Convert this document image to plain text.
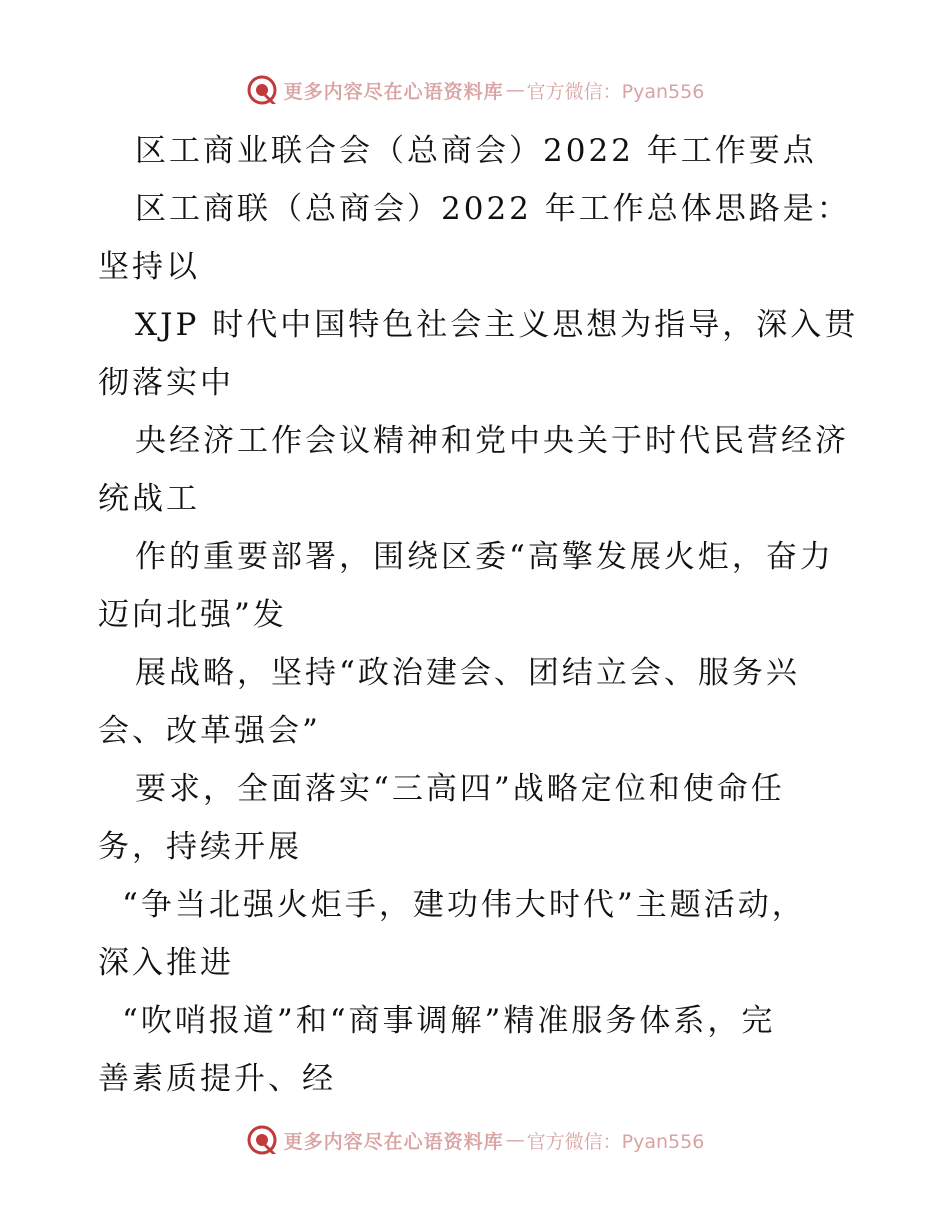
更多内容尽在心语资料库 — 官方微信：Pyan556
区工商业联合会（总商会）2022 年工作要点
区工商联（总商会）2022 年工作总体思路是：
坚持以
XJP 时代中国特色社会主义思想为指导，深入贯
彻落实中
央经济工作会议精神和党中央关于时代民营经济
统战工
作的重要部署，围绕区委“高擎发展火炬，奋力
迈向北强”发
展战略，坚持“政治建会、团结立会、服务兴
会、改革强会”
要求，全面落实“三高四”战略定位和使命任
务，持续开展
“争当北强火炬手，建功伟大时代”主题活动，
深入推进
“吹哨报道”和“商事调解”精准服务体系，完
善素质提升、经
更多内容尽在心语资料库 — 官方微信：Pyan556
